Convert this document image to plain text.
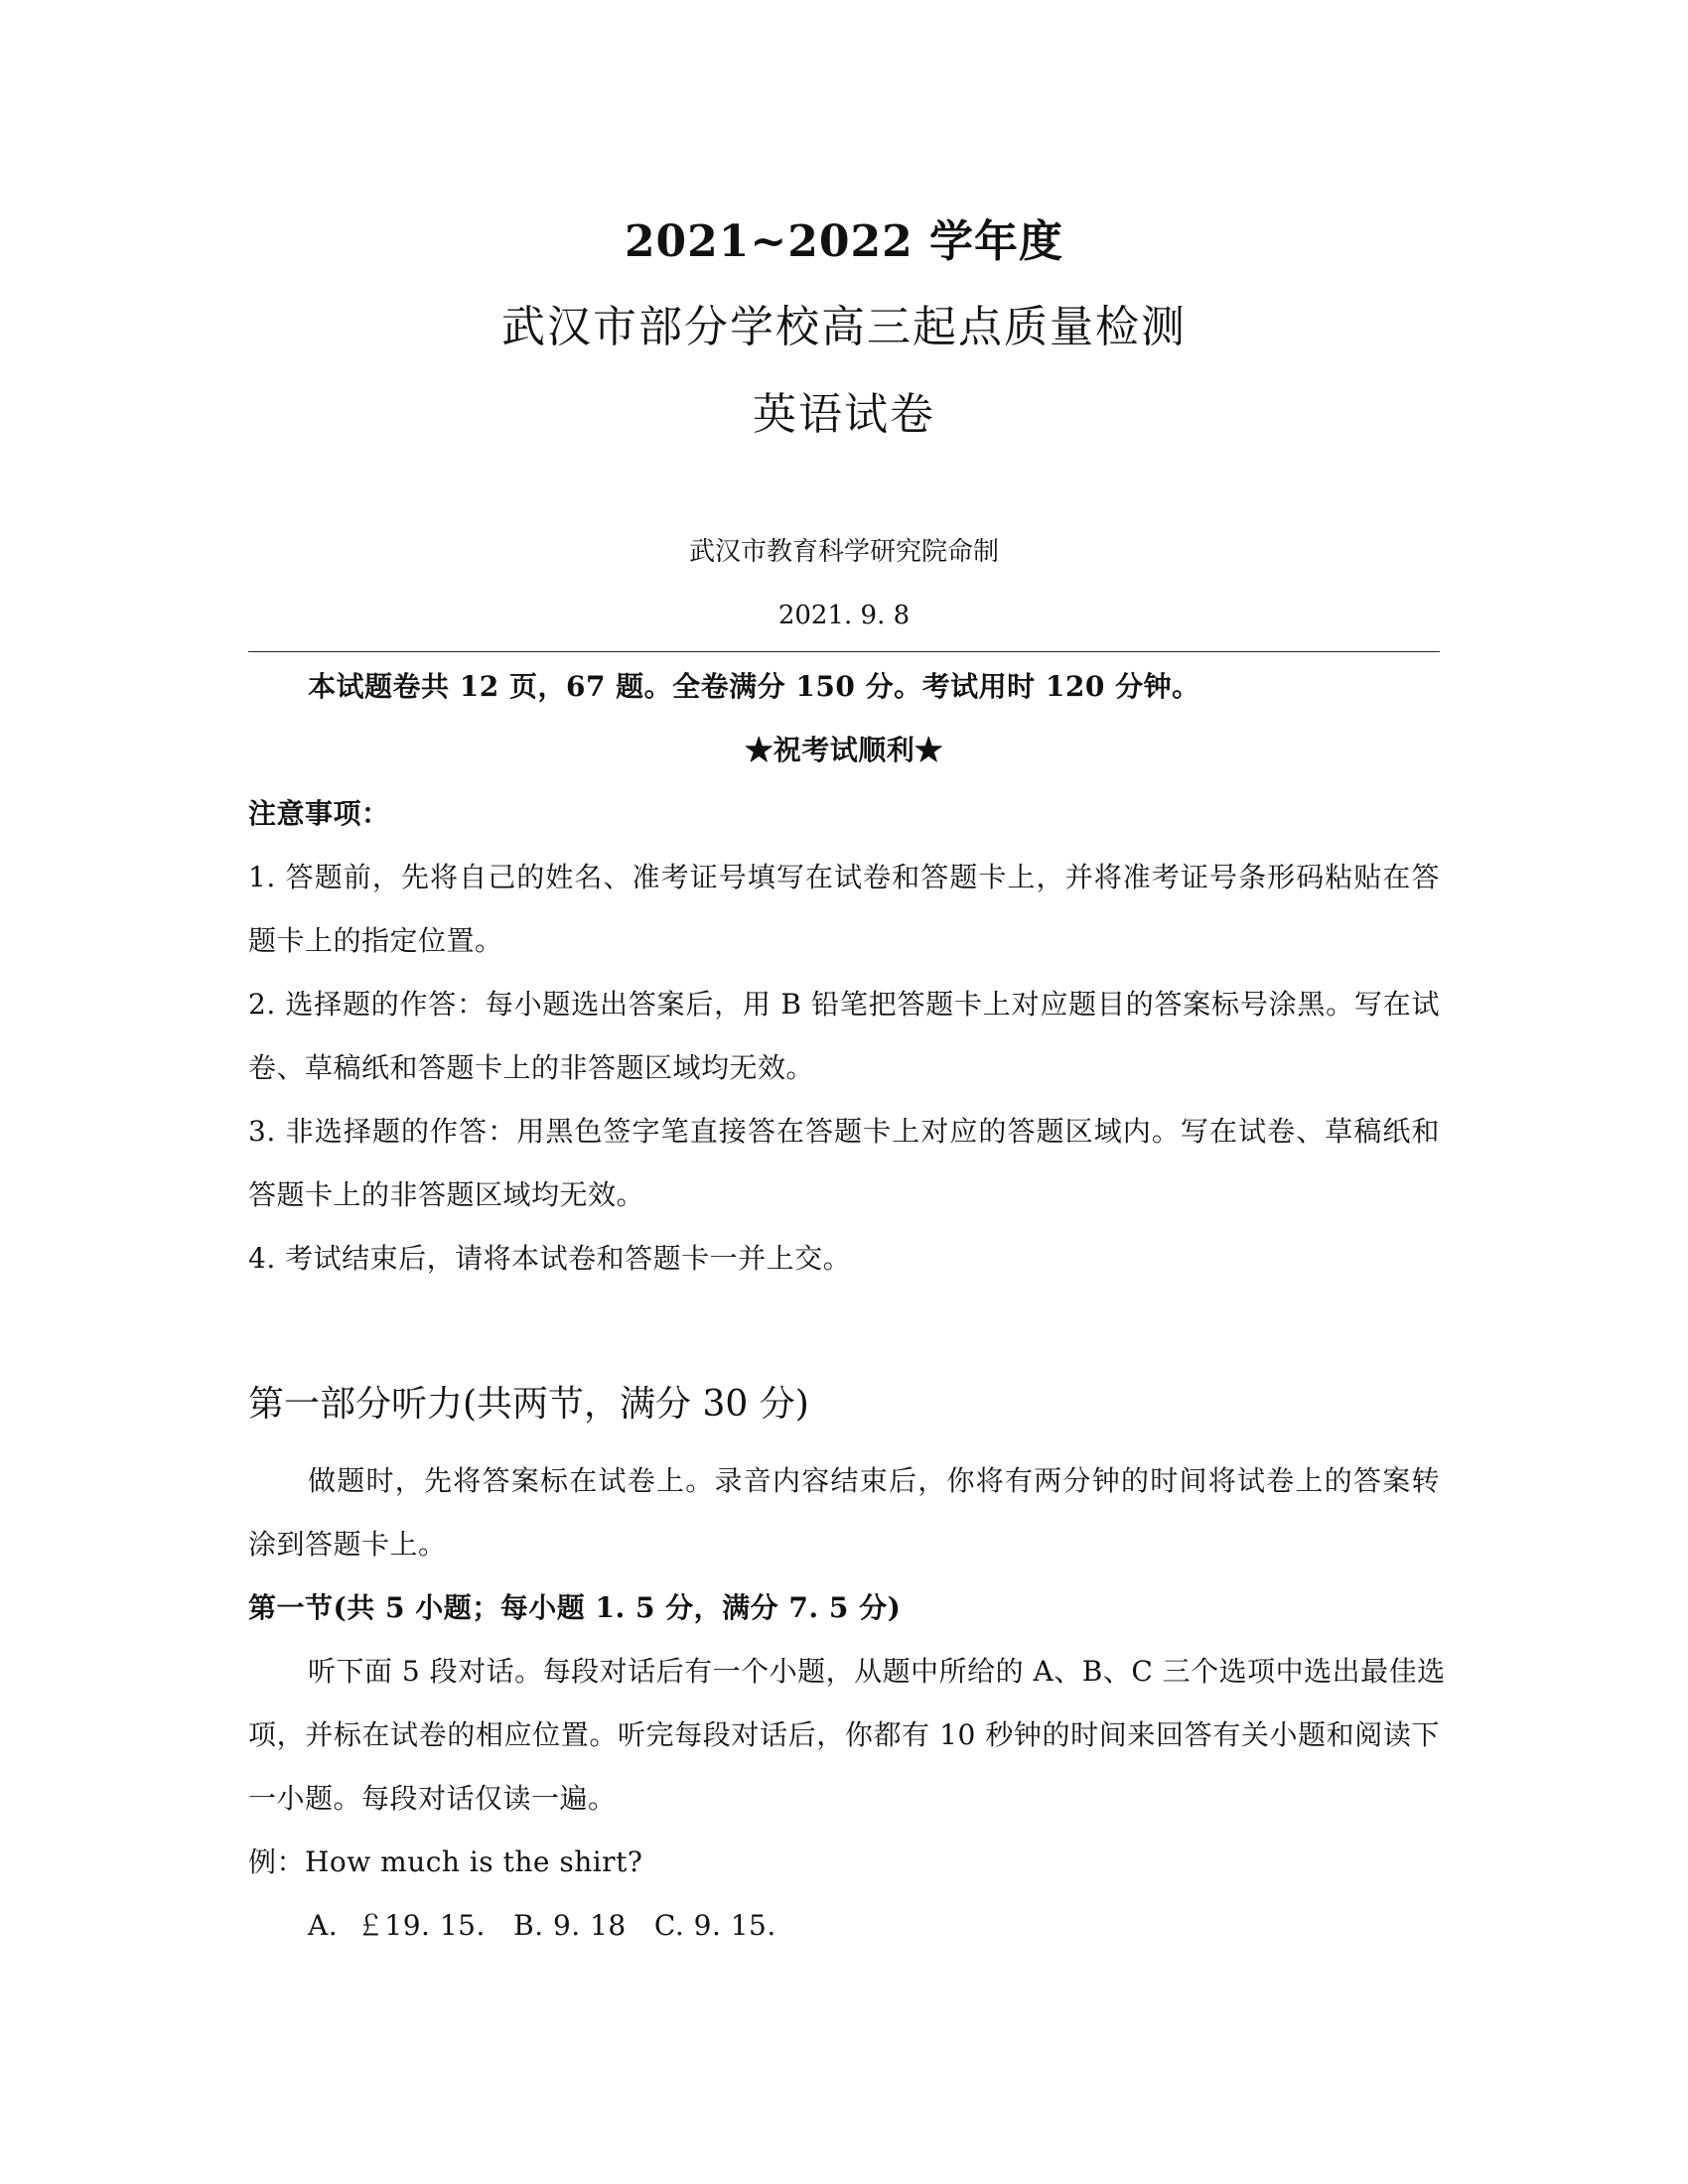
2021~2022 学年度
武汉市部分学校高三起点质量检测
英语试卷
武汉市教育科学研究院命制
2021. 9. 8
本试题卷共 12 页，67 题。全卷满分 150 分。考试用时 120 分钟。
★祝考试顺利★
注意事项：
1. 答题前，先将自己的姓名、准考证号填写在试卷和答题卡上，并将准考证号条形码粘贴在答
题卡上的指定位置。
2. 选择题的作答：每小题选出答案后，用 B 铅笔把答题卡上对应题目的答案标号涂黑。写在试
卷、草稿纸和答题卡上的非答题区域均无效。
3. 非选择题的作答：用黑色签字笔直接答在答题卡上对应的答题区域内。写在试卷、草稿纸和
答题卡上的非答题区域均无效。
4. 考试结束后，请将本试卷和答题卡一并上交。
第一部分听力(共两节，满分 30 分)
做题时，先将答案标在试卷上。录音内容结束后，你将有两分钟的时间将试卷上的答案转
涂到答题卡上。
第一节(共 5 小题；每小题 1. 5 分，满分 7. 5 分)
听下面 5 段对话。每段对话后有一个小题，从题中所给的 A、B、C 三个选项中选出最佳选
项，并标在试卷的相应位置。听完每段对话后，你都有 10 秒钟的时间来回答有关小题和阅读下
一小题。每段对话仅读一遍。
例：How much is the shirt?
A.  ￡19. 15.   B. 9. 18   C. 9. 15.
